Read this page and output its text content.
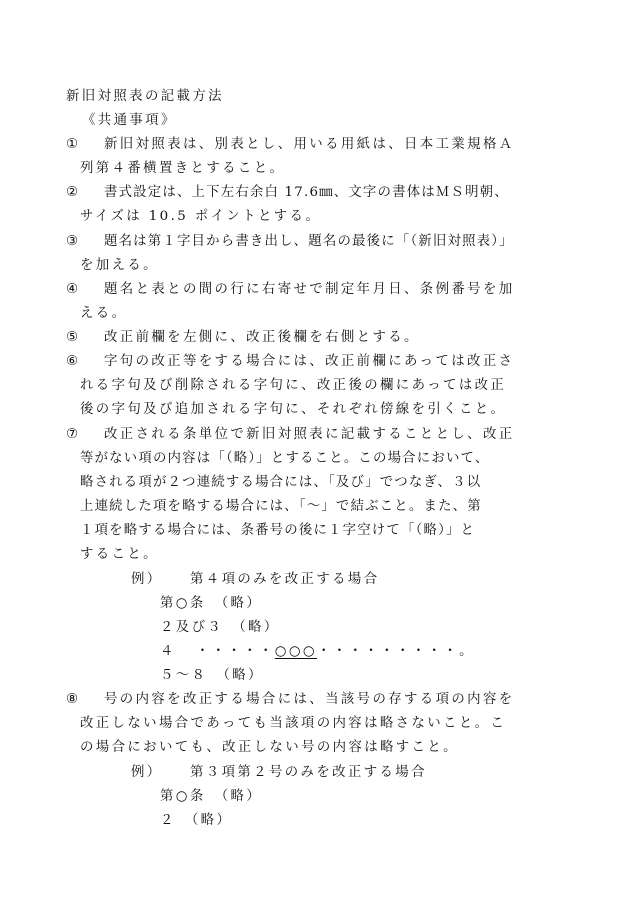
新旧対照表の記載方法
《共通事項》
① 新旧対照表は、別表とし、用いる用紙は、日本工業規格Ａ
列第４番横置きとすること。
② 書式設定は、上下左右余白 17.6㎜、文字の書体はＭＳ明朝、
サイズは 10.5 ポイントとする。
③ 題名は第１字目から書き出し、題名の最後に「（新旧対照表）」
を加える。
④ 題名と表との間の行に右寄せで制定年月日、条例番号を加
える。
⑤ 改正前欄を左側に、改正後欄を右側とする。
⑥ 字句の改正等をする場合には、改正前欄にあっては改正さ
れる字句及び削除される字句に、改正後の欄にあっては改正
後の字句及び追加される字句に、それぞれ傍線を引くこと。
⑦ 改正される条単位で新旧対照表に記載することとし、改正
等がない項の内容は「（略）」とすること。この場合において、
略される項が２つ連続する場合には、「及び」でつなぎ、３以
上連続した項を略する場合には、「～」で結ぶこと。また、第
１項を略する場合には、条番号の後に１字空けて「（略）」と
すること。
例） 第４項のみを改正する場合
第○条　（略）
２及び３　（略）
４ ・・・・・○○○・・・・・・・・・。
５～８　（略）
⑧ 号の内容を改正する場合には、当該号の存する項の内容を
改正しない場合であっても当該項の内容は略さないこと。こ
の場合においても、改正しない号の内容は略すこと。
例） 第３項第２号のみを改正する場合
第○条　（略）
２　（略）
